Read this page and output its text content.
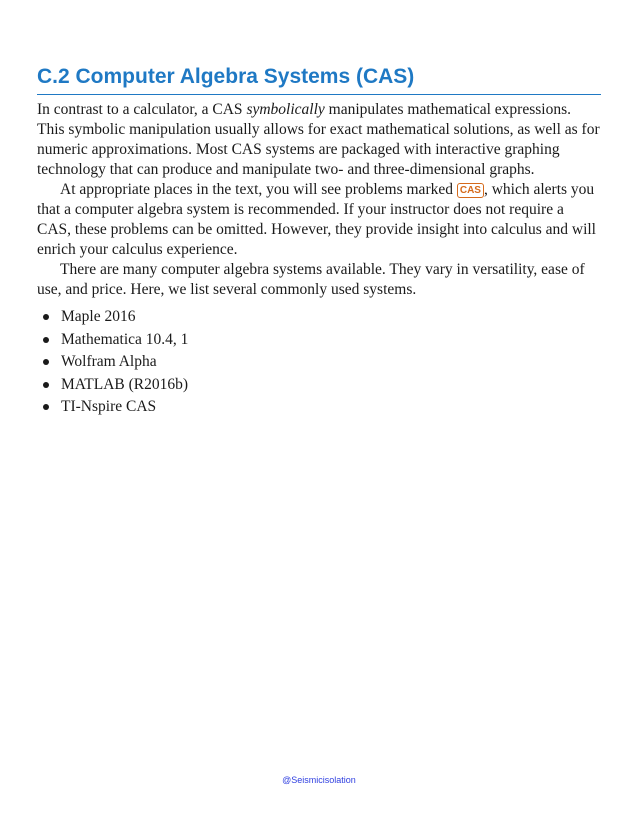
C.2 Computer Algebra Systems (CAS)

In contrast to a calculator, a CAS symbolically manipulates mathematical expressions. This symbolic manipulation usually allows for exact mathematical solutions, as well as for numeric approximations. Most CAS systems are packaged with interactive graphing technology that can produce and manipulate two- and three-dimensional graphs.

At appropriate places in the text, you will see problems marked CAS , which alerts you that a computer algebra system is recommended. If your instructor does not require a CAS, these problems can be omitted. However, they provide insight into calculus and will enrich your calculus experience.

There are many computer algebra systems available. They vary in versatility, ease of use, and price. Here, we list several commonly used systems.

Maple 2016
Mathematica 10.4, 1
Wolfram Alpha
MATLAB (R2016b)
TI-Nspire CAS
@Seismicisolation
